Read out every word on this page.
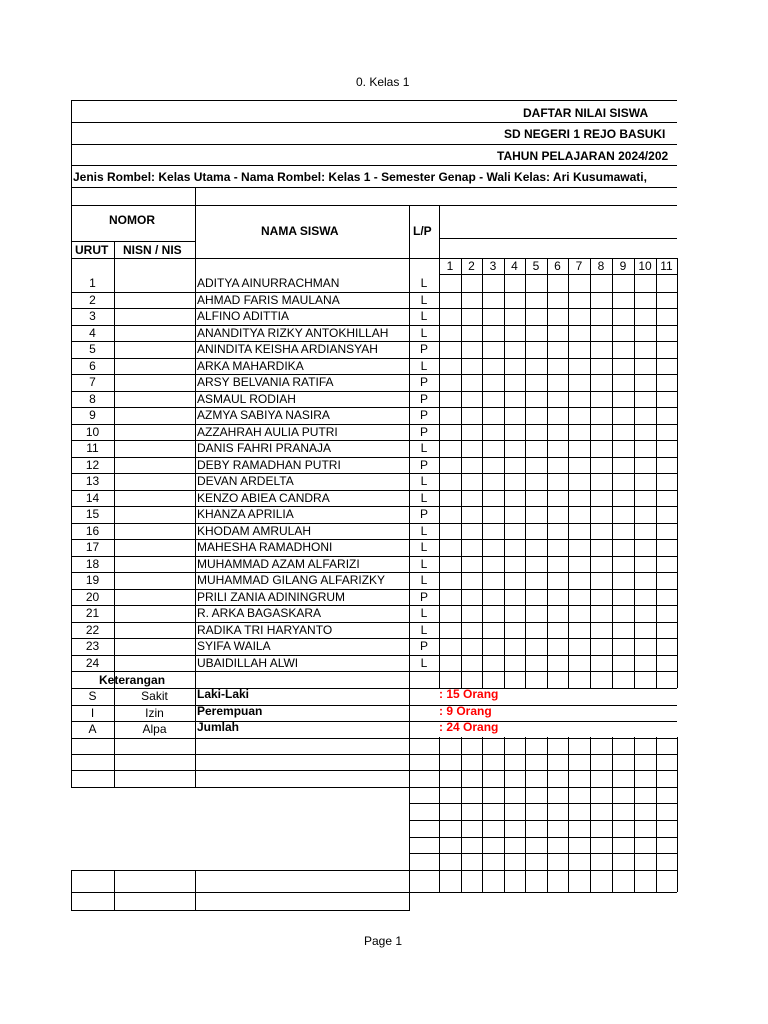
0. Kelas 1
DAFTAR NILAI SISWA
SD NEGERI 1 REJO BASUKI
TAHUN PELAJARAN 2024/202
Jenis Rombel: Kelas Utama - Nama Rombel: Kelas 1 - Semester Genap - Wali Kelas: Ari Kusumawati,
NOMOR
URUT NISN / NIS
NAMA SISWA	L/P
1	2	3	4	5	6	7	8	9 10 11
1	ADITYA AINURRACHMAN	L
2	AHMAD FARIS MAULANA	L
3	ALFINO ADITTIA	L
4	ANANDITYA RIZKY ANTOKHILLAH	L
5	ANINDITA KEISHA ARDIANSYAH	P
6	ARKA MAHARDIKA	L
7	ARSY BELVANIA RATIFA	P
8	ASMAUL RODIAH	P
9	AZMYA SABIYA NASIRA	P
10	AZZAHRAH AULIA PUTRI	P
11	DANIS FAHRI PRANAJA	L
12	DEBY RAMADHAN PUTRI	P
13	DEVAN ARDELTA	L
14	KENZO ABIEA CANDRA	L
15	KHANZA APRILIA	P
16	KHODAM AMRULAH	L
17	MAHESHA RAMADHONI	L
18	MUHAMMAD AZAM ALFARIZI	L
19	MUHAMMAD GILANG ALFARIZKY	L
20	PRILI ZANIA ADININGRUM	P
21	R. ARKA BAGASKARA	L
22	RADIKA TRI HARYANTO	L
23	SYIFA WAILA	P
24	UBAIDILLAH ALWI	L
Keterangan
S	Sakit	Laki-Laki	: 15 Orang
I	Izin	Perempuan	: 9 Orang
A	Alpa	Jumlah	: 24 Orang
Page 1
